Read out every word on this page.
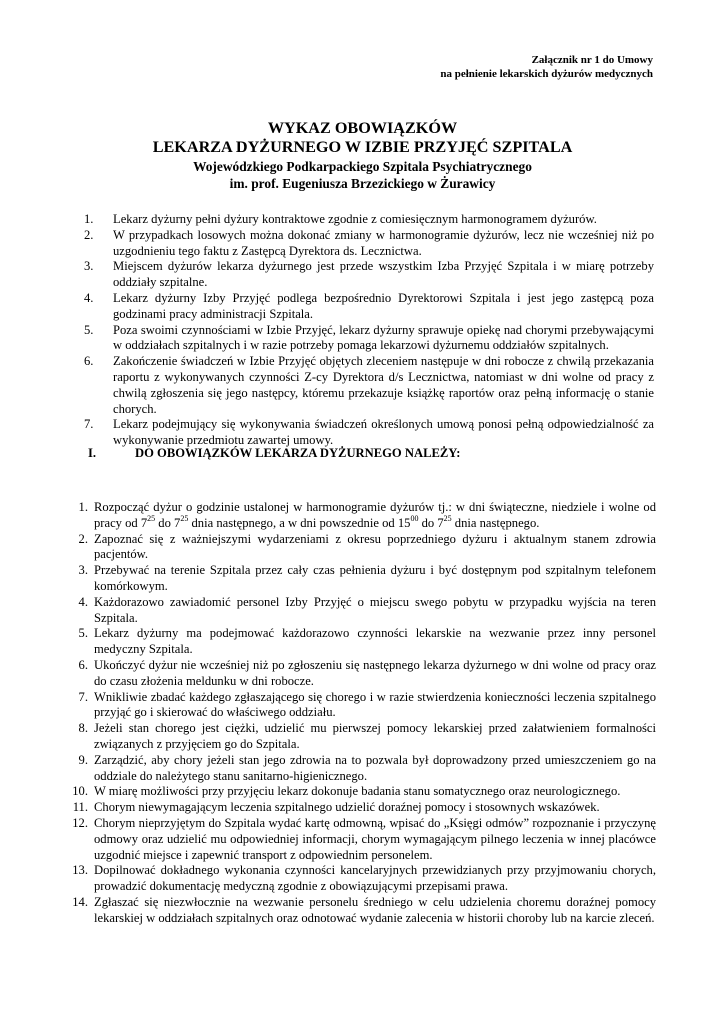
Załącznik nr 1 do Umowy
na pełnienie lekarskich dyżurów medycznych
WYKAZ OBOWIĄZKÓW
LEKARZA DYŻURNEGO W IZBIE PRZYJĘĆ SZPITALA
Wojewódzkiego Podkarpackiego Szpitala Psychiatrycznego
im. prof. Eugeniusza Brzezickiego w Żurawicy
1. Lekarz dyżurny pełni dyżury kontraktowe zgodnie z comiesięcznym harmonogramem dyżurów.
2. W przypadkach losowych można dokonać zmiany w harmonogramie dyżurów, lecz nie wcześniej niż po uzgodnieniu tego faktu z Zastępcą Dyrektora ds. Lecznictwa.
3. Miejscem dyżurów lekarza dyżurnego jest przede wszystkim Izba Przyjęć Szpitala i w miarę potrzeby oddziały szpitalne.
4. Lekarz dyżurny Izby Przyjęć podlega bezpośrednio Dyrektorowi Szpitala i jest jego zastępcą poza godzinami pracy administracji Szpitala.
5. Poza swoimi czynnościami w Izbie Przyjęć, lekarz dyżurny sprawuje opiekę nad chorymi przebywającymi w oddziałach szpitalnych i w razie potrzeby pomaga lekarzowi dyżurnemu oddziałów szpitalnych.
6. Zakończenie świadczeń w Izbie Przyjęć objętych zleceniem następuje w dni robocze z chwilą przekazania raportu z wykonywanych czynności Z-cy Dyrektora d/s Lecznictwa, natomiast w dni wolne od pracy z chwilą zgłoszenia się jego następcy, któremu przekazuje książkę raportów oraz pełną informację o stanie chorych.
7. Lekarz podejmujący się wykonywania świadczeń określonych umową ponosi pełną odpowiedzialność za wykonywanie przedmiotu zawartej umowy.
I.	DO OBOWIĄZKÓW LEKARZA DYŻURNEGO NALEŻY:
1. Rozpocząć dyżur o godzinie ustalonej w harmonogramie dyżurów tj.: w dni świąteczne, niedziele i wolne od pracy od $7^{25}$ do $7^{25}$ dnia następnego, a w dni powszednie od $15^{00}$ do $7^{25}$ dnia następnego.
2. Zapoznać się z ważniejszymi wydarzeniami z okresu poprzedniego dyżuru i aktualnym stanem zdrowia pacjentów.
3. Przebywać na terenie Szpitala przez cały czas pełnienia dyżuru i być dostępnym pod szpitalnym telefonem komórkowym.
4. Każdorazowo zawiadomić personel Izby Przyjęć o miejscu swego pobytu w przypadku wyjścia na teren Szpitala.
5. Lekarz dyżurny ma podejmować każdorazowo czynności lekarskie na wezwanie przez inny personel medyczny Szpitala.
6. Ukończyć dyżur nie wcześniej niż po zgłoszeniu się następnego lekarza dyżurnego w dni wolne od pracy oraz do czasu złożenia meldunku w dni robocze.
7. Wnikliwie zbadać każdego zgłaszającego się chorego i w razie stwierdzenia konieczności leczenia szpitalnego przyjąć go i skierować do właściwego oddziału.
8. Jeżeli stan chorego jest ciężki, udzielić mu pierwszej pomocy lekarskiej przed załatwieniem formalności związanych z przyjęciem go do Szpitala.
9. Zarządzić, aby chory jeżeli stan jego zdrowia na to pozwala był doprowadzony przed umieszczeniem go na oddziale do należytego stanu sanitarno-higienicznego.
10. W miarę możliwości przy przyjęciu lekarz dokonuje badania stanu somatycznego oraz neurologicznego.
11. Chorym niewymagającym leczenia szpitalnego udzielić doraźnej pomocy i stosownych wskazówek.
12. Chorym nieprzyjętym do Szpitala wydać kartę odmowną, wpisać do „Księgi odmów” rozpoznanie i przyczynę odmowy oraz udzielić mu odpowiedniej informacji, chorym wymagającym pilnego leczenia w innej placówce uzgodnić miejsce i zapewnić transport z odpowiednim personelem.
13. Dopilnować dokładnego wykonania czynności kancelaryjnych przewidzianych przy przyjmowaniu chorych, prowadzić dokumentację medyczną zgodnie z obowiązującymi przepisami prawa.
14. Zgłaszać się niezwłocznie na wezwanie personelu średniego w celu udzielenia choremu doraźnej pomocy lekarskiej w oddziałach szpitalnych oraz odnotować wydanie zalecenia w historii choroby lub na karcie zleceń.
